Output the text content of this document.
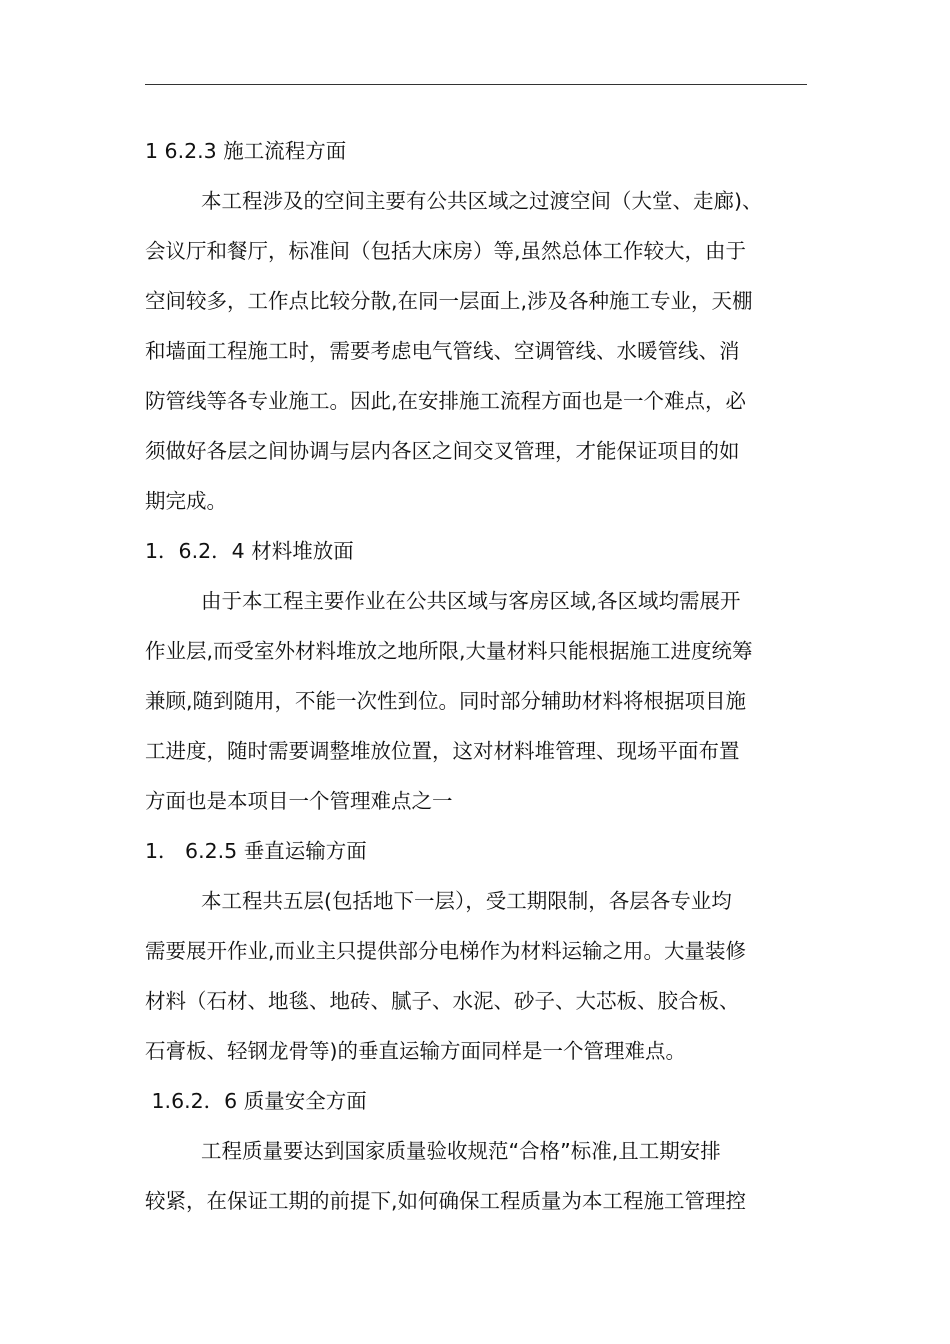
1 6.2.3 施工流程方面
本工程涉及的空间主要有公共区域之过渡空间（大堂、走廊)、
会议厅和餐厅，标准间（包括大床房）等,虽然总体工作较大，由于
空间较多，工作点比较分散,在同一层面上,涉及各种施工专业，天棚
和墙面工程施工时，需要考虑电气管线、空调管线、水暖管线、消
防管线等各专业施工。因此,在安排施工流程方面也是一个难点，必
须做好各层之间协调与层内各区之间交叉管理，才能保证项目的如
期完成。
1．6.2．4 材料堆放面
由于本工程主要作业在公共区域与客房区域,各区域均需展开
作业层,而受室外材料堆放之地所限,大量材料只能根据施工进度统筹
兼顾,随到随用，不能一次性到位。同时部分辅助材料将根据项目施
工进度，随时需要调整堆放位置，这对材料堆管理、现场平面布置
方面也是本项目一个管理难点之一
1． 6.2.5 垂直运输方面
本工程共五层(包括地下一层），受工期限制，各层各专业均
需要展开作业,而业主只提供部分电梯作为材料运输之用。大量装修
材料（石材、地毯、地砖、腻子、水泥、砂子、大芯板、胶合板、
石膏板、轻钢龙骨等)的垂直运输方面同样是一个管理难点。
1.6.2．6 质量安全方面
工程质量要达到国家质量验收规范“合格”标准,且工期安排
较紧，在保证工期的前提下,如何确保工程质量为本工程施工管理控
